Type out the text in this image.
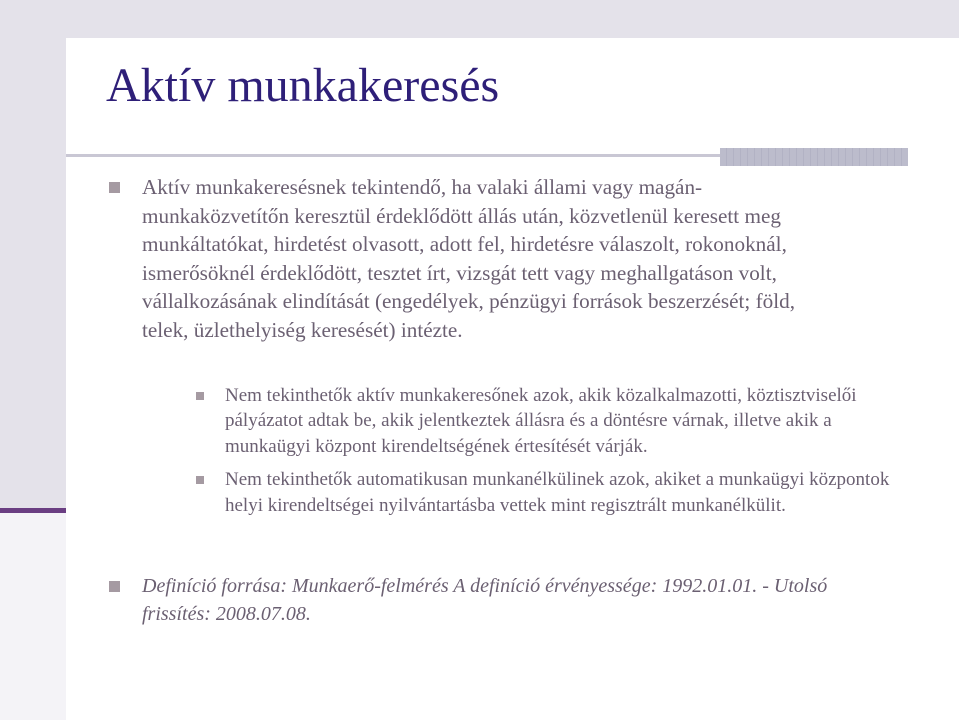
Aktív munkakeresés
Aktív munkakeresésnek tekintendő, ha valaki állami vagy magán-munkaközvetítőn keresztül érdeklődött állás után, közvetlenül keresett meg munkáltatókat, hirdetést olvasott, adott fel, hirdetésre válaszolt, rokonoknál, ismerősöknél érdeklődött, tesztet írt, vizsgát tett vagy meghallgatáson volt, vállalkozásának elindítását (engedélyek, pénzügyi források beszerzését; föld, telek, üzlethelyiség keresését) intézte.
Nem tekinthetők aktív munkakeresőnek azok, akik közalkalmazotti, köztisztviselői pályázatot adtak be, akik jelentkeztek állásra és a döntésre várnak, illetve akik a munkaügyi központ kirendeltségének értesítését várják.
Nem tekinthetők automatikusan munkanélkülinek azok, akiket a munkaügyi központok helyi kirendeltségei nyilvántartásba vettek mint regisztrált munkanélkülit.
Definíció forrása: Munkaerő-felmérés A definíció érvényessége: 1992.01.01. - Utolsó frissítés: 2008.07.08.
